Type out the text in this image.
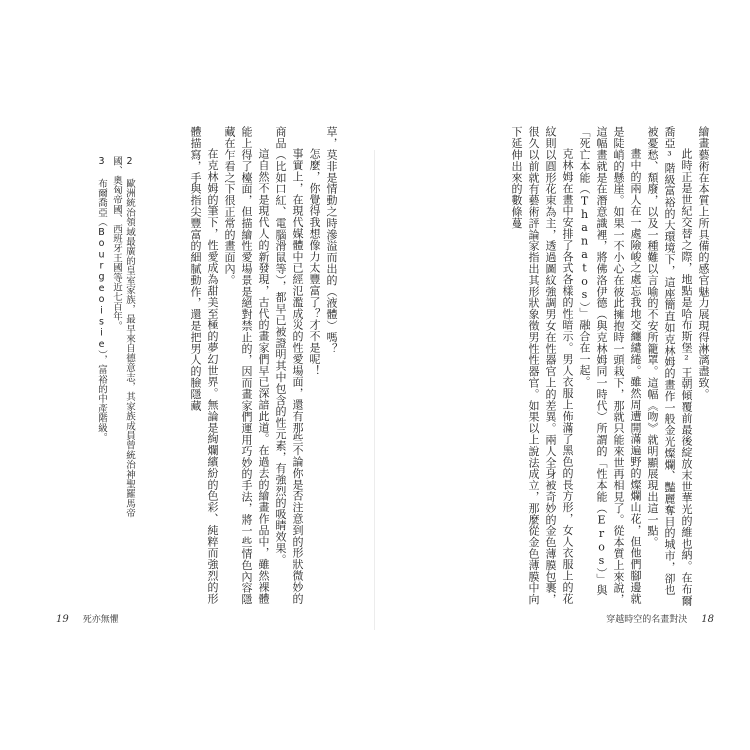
2 歐洲統治領域最廣的皇室家族，最早來自德意志，其家族成員曾統治神聖羅馬帝國、奧匈帝國、西班牙王國等近七百年。

3 布爾喬亞（Bourgeoisie），富裕的中產階級。	草，莫非是情動之時滲溢而出的（液體）嗎？

怎麼，你覺得我想像力太豐富了？才不是呢！

事實上，在現代媒體中已經氾濫成災的性愛場面，還有那些不論你是否注意到的形狀微妙的商品（比如口紅、電腦滑鼠等），都早已被證明其中包含的性元素，有強烈的吸睛效果。

這自然不是現代人的新發現，古代的畫家們早已深諳此道。在過去的繪畫作品中，雖然裸體能上得了檯面，但描繪性愛場景是絕對禁止的，因而畫家們運用巧妙的手法，將一些情色內容隱藏在乍看之下很正常的畫面內。

在克林姆的筆下，性愛成為甜美至極的夢幻世界。無論是絢爛繽紛的色彩、純粹而強烈的形體描寫，手與指尖豐富的細膩動作，還是把男人的臉隱藏

19 死亦無懼

繪畫藝術在本質上所具備的感官魅力展現得淋漓盡致。

此時正是世紀交替之際，地點是哈布斯堡²王朝傾覆前最後綻放末世華光的維也納。在布爾喬亞³階級富裕的大環境下，這座簡直如克林姆的畫作一般金光燦爛、豔麗奪目的城市，卻也被憂愁、頹廢，以及一種難以言喻的不安所籠罩。這幅《吻》就明顯展現出這一點。

畫中的兩人在一處險峻之處忘我地交纏繾綣。雖然周遭開滿遍野的燦爛山花，但他們腳邊就是陡峭的懸崖。如果一不小心在彼此擁抱時一頭栽下，那就只能來世再相見了。從本質上來說，這幅畫就是在潛意識裡，將佛洛伊德（與克林姆同一時代）所謂的「性本能（Eros）」與「死亡本能（Thanatos）」融合在一起。

克林姆在畫中安排了各式各樣的性暗示。男人衣服上佈滿了黑色的長方形，女人衣服上的花紋則以圓形花束為主，透過圖紋強調男女在性器官上的差異。兩人全身被奇妙的金色薄膜包裹，很久以前就有藝術評論家指出其形狀象徵男性性器官。如果以上說法成立，那麼從金色薄膜中向下延伸出來的數條蔓

穿越時空的名畫對決 18
